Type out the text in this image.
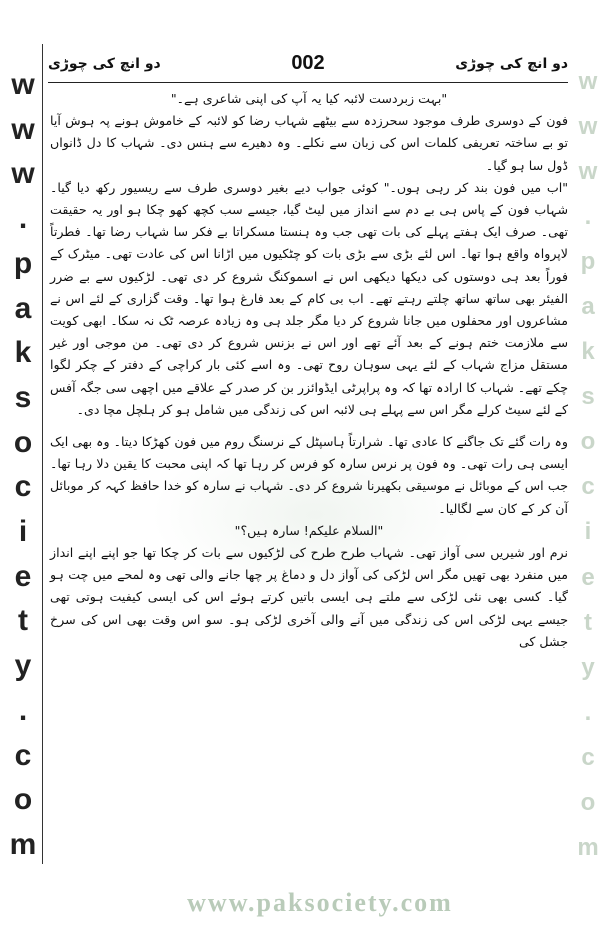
w
w
w
.
p
a
k
s
o
c
i
e
t
y
.
c
o
m
w
w
w
.
p
a
k
s
o
c
i
e
t
y
.
c
o
m
دو انچ کی چوڑی	002	دو انچ کی چوڑی

"بہت زبردست لائبہ کیا یہ آپ کی اپنی شاعری ہے۔"

فون کے دوسری طرف موجود سحرزدہ سے بیٹھے شہاب رضا کو لائبہ کے خاموش ہونے پہ ہوش آیا تو بے ساختہ تعریفی کلمات اس کی زبان سے نکلے۔ وہ دھیرے سے ہنس دی۔ شہاب کا دل ڈانواں ڈول سا ہو گیا۔

"اب میں فون بند کر رہی ہوں۔" کوئی جواب دیے بغیر دوسری طرف سے ریسیور رکھ دیا گیا۔ شہاب فون کے پاس ہی بے دم سے انداز میں لیٹ گیا، جیسے سب کچھ کھو چکا ہو اور یہ حقیقت تھی۔ صرف ایک ہفتے پہلے کی بات تھی جب وہ ہنستا مسکراتا بے فکر سا شہاب رضا تھا۔ فطرتاً لاپرواہ واقع ہوا تھا۔ اس لئے بڑی سے بڑی بات کو چٹکیوں میں اڑانا اس کی عادت تھی۔ میٹرک کے فوراً بعد ہی دوستوں کی دیکھا دیکھی اس نے اسموکنگ شروع کر دی تھی۔ لڑکیوں سے بے ضرر الفیئر بھی ساتھ ساتھ چلتے رہتے تھے۔ اب بی کام کے بعد فارغ ہوا تھا۔ وقت گزاری کے لئے اس نے مشاعروں اور محفلوں میں جانا شروع کر دیا مگر جلد ہی وہ زیادہ عرصہ ٹک نہ سکا۔ ابھی کویت سے ملازمت ختم ہونے کے بعد آئے تھے اور اس نے بزنس شروع کر دی تھی۔ من موجی اور غیر مستقل مزاج شہاب کے لئے یہی سوہان روح تھی۔ وہ اسے کئی بار کراچی کے دفتر کے چکر لگوا چکے تھے۔ شہاب کا ارادہ تھا کہ وہ پراپرٹی ایڈوائزر بن کر صدر کے علاقے میں اچھی سی جگہ آفس کے لئے سیٹ کرلے مگر اس سے پہلے ہی لائبہ اس کی زندگی میں شامل ہو کر ہلچل مچا دی۔

وہ رات گئے تک جاگنے کا عادی تھا۔ شرارتاً ہاسپٹل کے نرسنگ روم میں فون کھڑکا دیتا۔ وہ بھی ایک ایسی ہی رات تھی۔ وہ فون پر نرس سارہ کو فرس کر رہا تھا کہ اپنی محبت کا یقین دلا رہا تھا۔ جب اس کے موبائل نے موسیقی بکھیرنا شروع کر دی۔ شہاب نے سارہ کو خدا حافظ کہہ کر موبائل آن کر کے کان سے لگالیا۔

"السلام علیکم! سارہ ہیں؟"

نرم اور شیریں سی آواز تھی۔ شہاب طرح طرح کی لڑکیوں سے بات کر چکا تھا جو اپنے اپنے انداز میں منفرد بھی تھیں مگر اس لڑکی کی آواز دل و دماغ پر چھا جانے والی تھی وہ لمحے میں چت ہو گیا۔ کسی بھی نئی لڑکی سے ملتے ہی ایسی باتیں کرتے ہوئے اس کی ایسی کیفیت ہوتی تھی جیسے یہی لڑکی اس کی زندگی میں آنے والی آخری لڑکی ہو۔ سو اس وقت بھی اس کی سرخ جشل کی

www.paksociety.com
